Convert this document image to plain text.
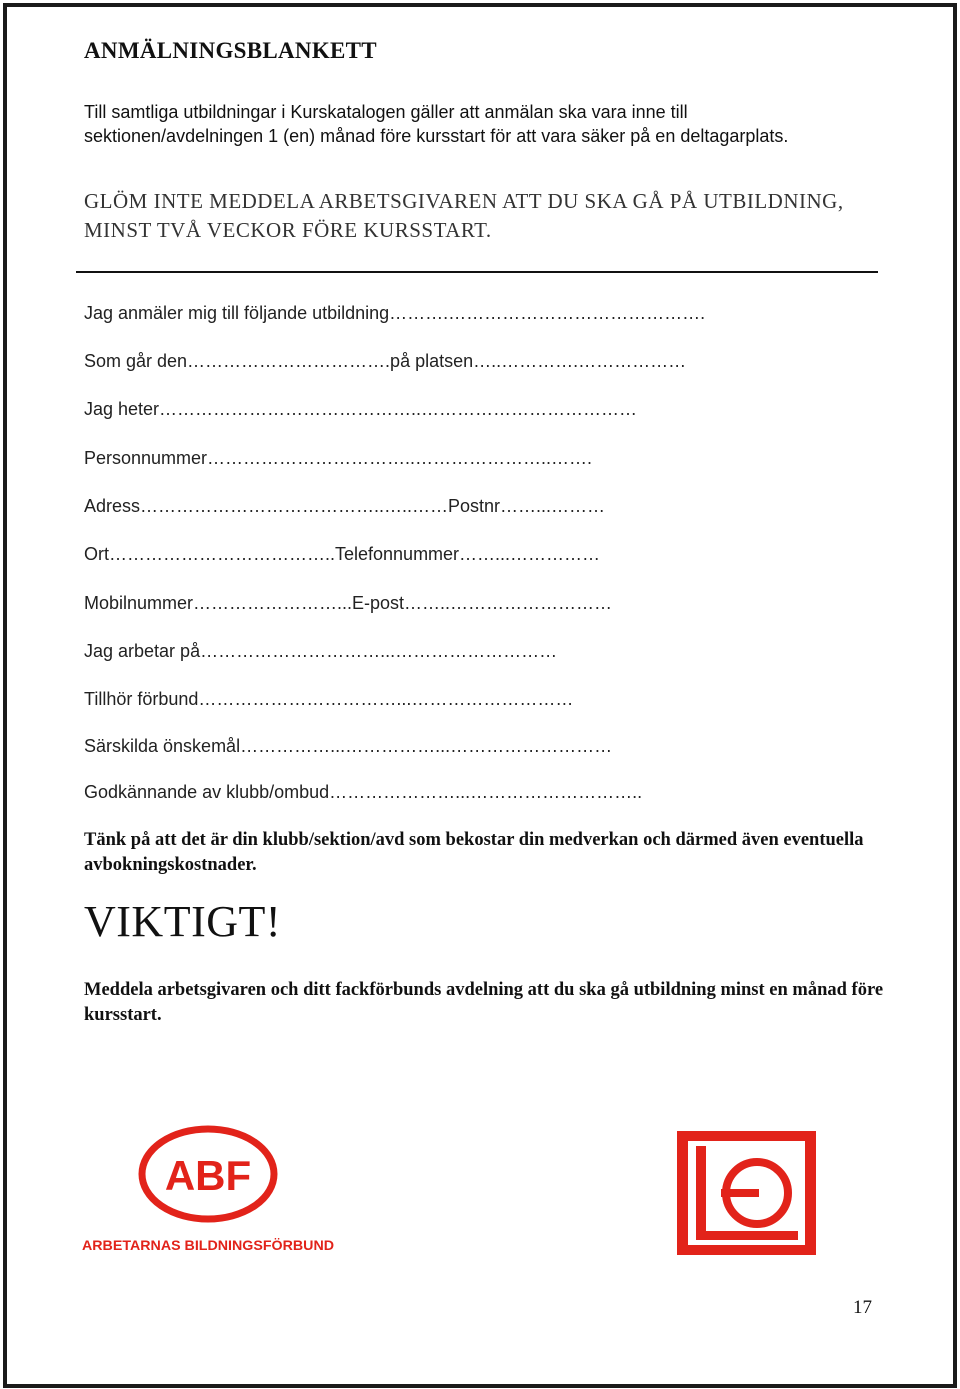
ANMÄLNINGSBLANKETT
Till samtliga utbildningar i Kurskatalogen gäller att anmälan ska vara inne till sektionen/avdelningen 1 (en) månad före kursstart för att vara säker på en deltagarplats.
GLÖM INTE MEDDELA ARBETSGIVAREN ATT DU SKA GÅ PÅ UTBILDNING, MINST TVÅ VECKOR FÖRE KURSSTART.
Jag anmäler mig till följande utbildning……….…………………………………….
Som går den…………………………….på platsen…..………….………………
Jag heter……………………………………..………………………………
Personnummer……………………………..…………………..…….
Adress…………………………………..…..……Postnr……...………
Ort………………………………..Telefonnummer……...……………
Mobilnummer……………………...E-post……..………………………
Jag arbetar på…………………………...………………………
Tillhör förbund……………………………...………………………
Särskilda önskemål……………...……………...………………………
Godkännande av klubb/ombud…………………...………………………..
Tänk på att det är din klubb/sektion/avd som bekostar din medverkan och därmed även eventuella avbokningskostnader.
VIKTIGT!
Meddela arbetsgivaren och ditt fackförbunds avdelning att du ska gå utbildning minst en månad före kursstart.
ABF
ARBETARNAS BILDNINGSFÖRBUND
17
